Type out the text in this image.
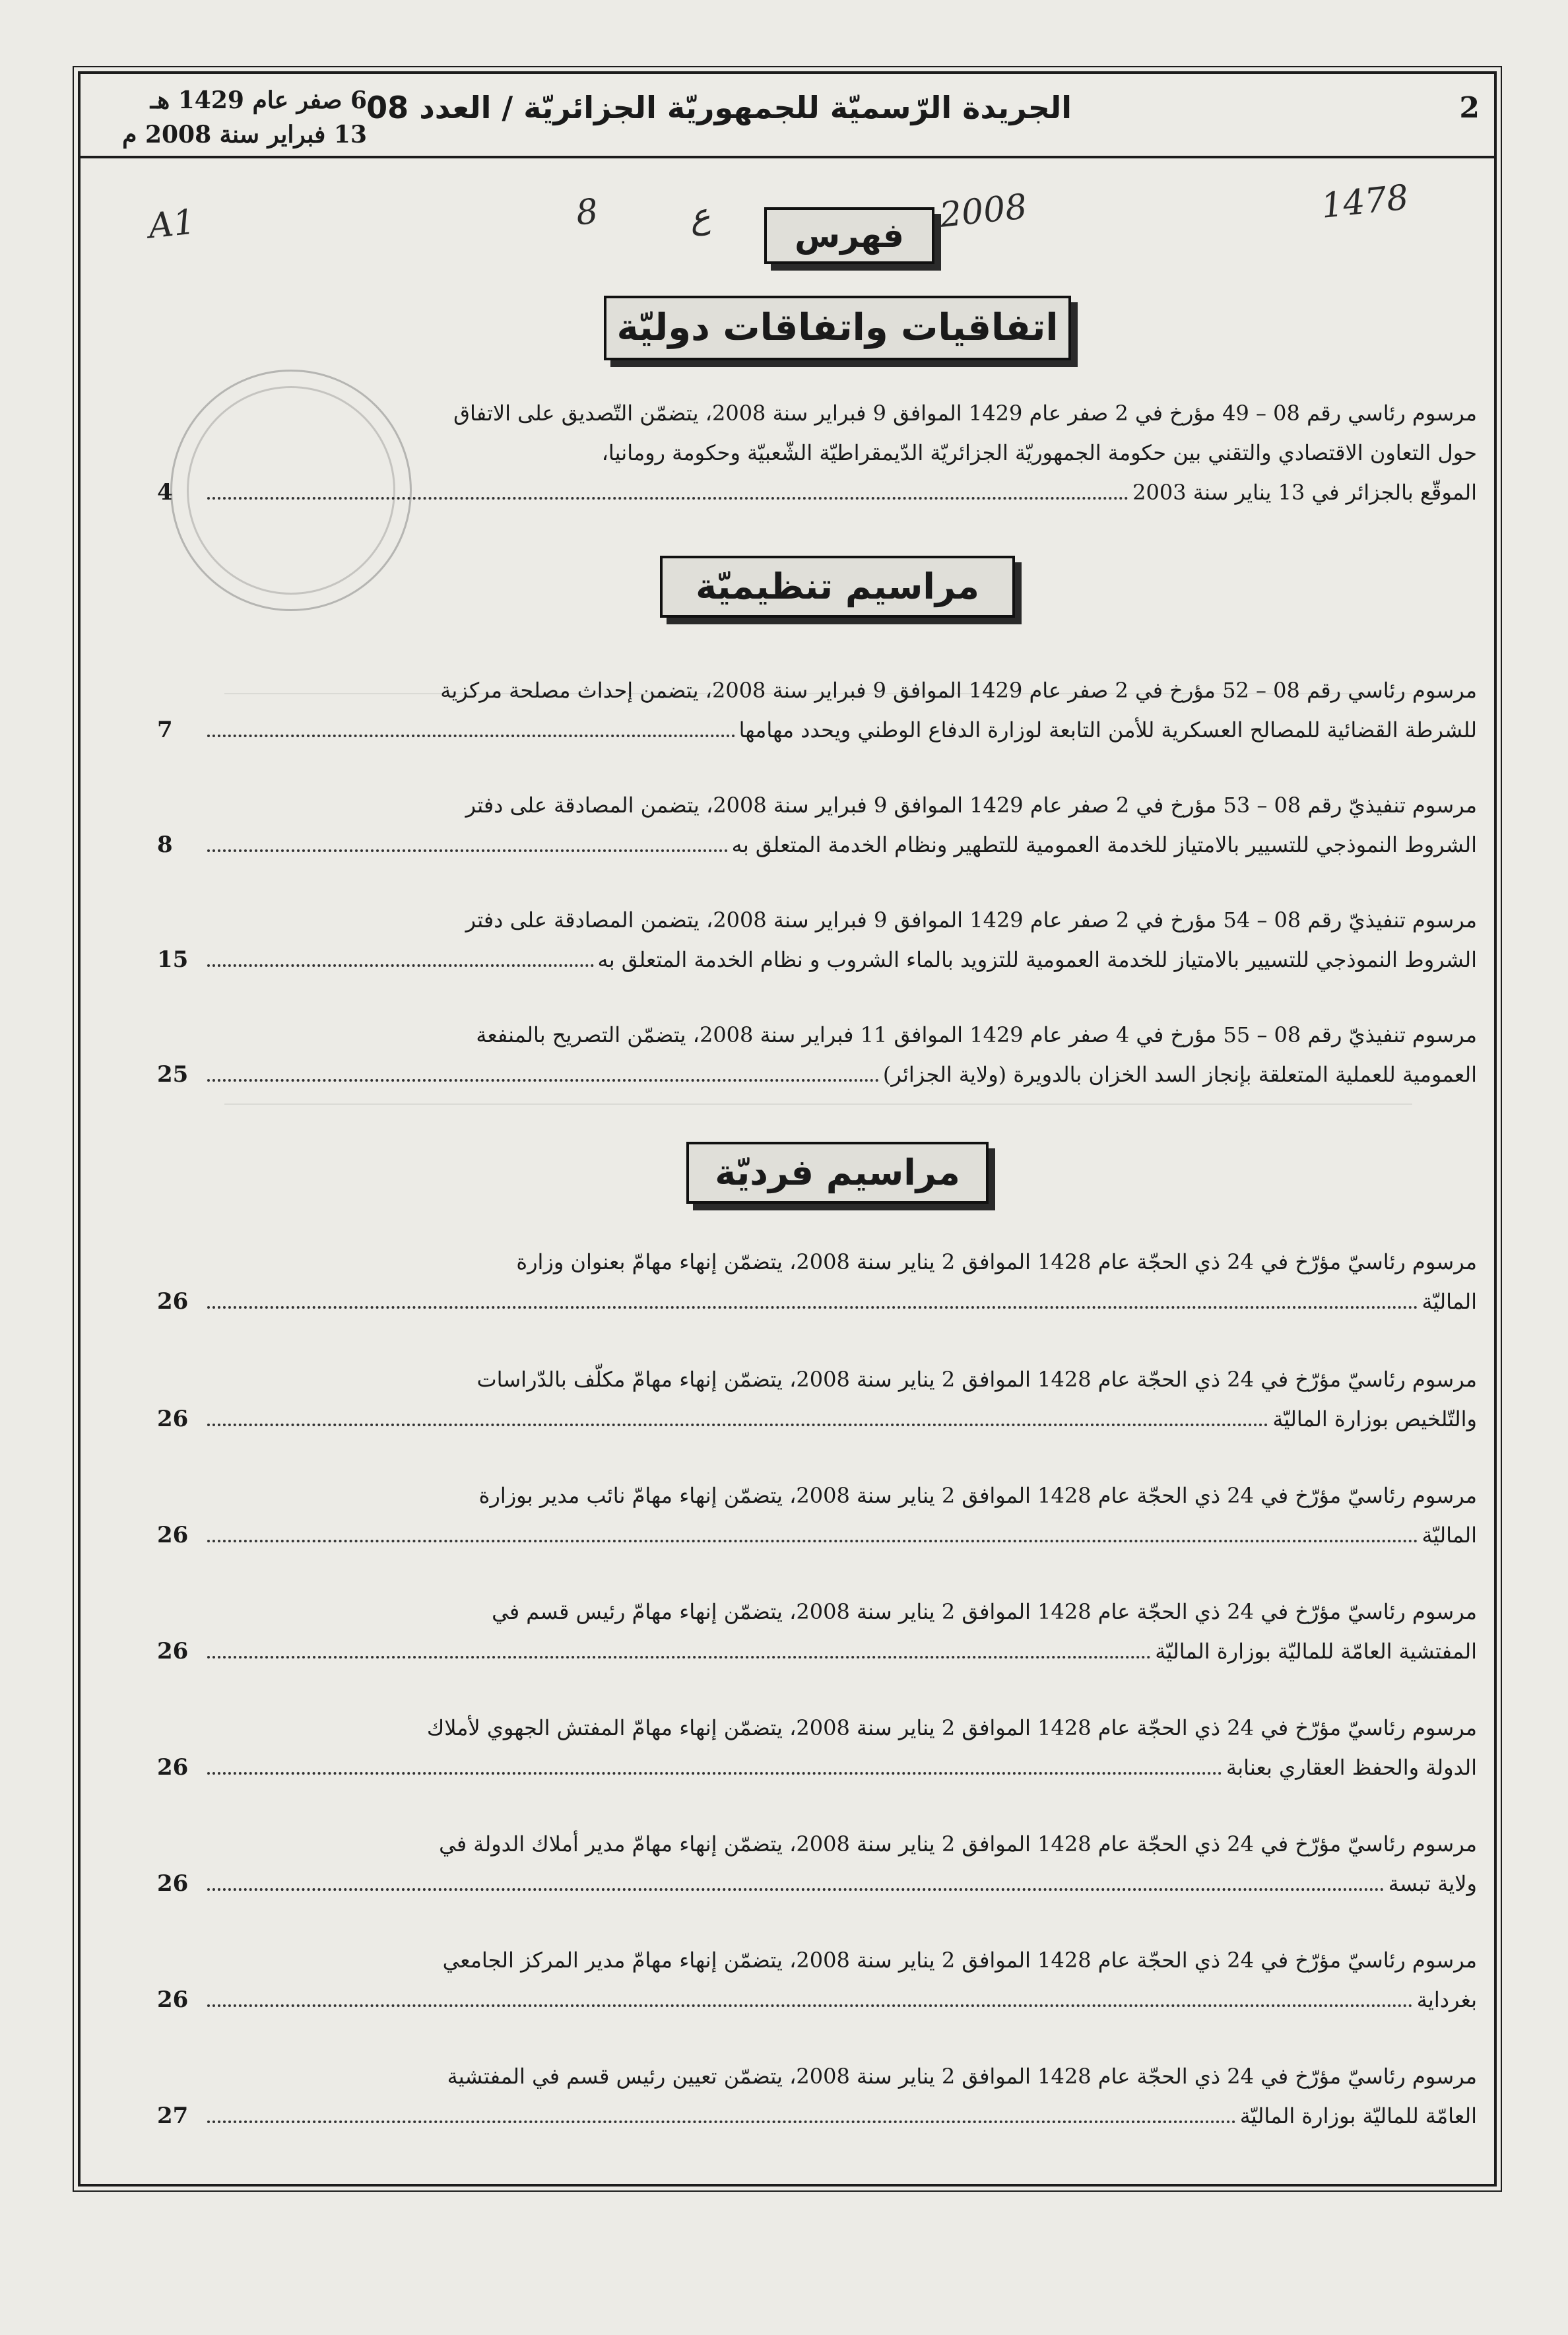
2
الجريدة الرّسميّة للجمهوريّة الجزائريّة / العدد 08
6 صفر عام 1429 هـ
13 فبراير سنة 2008 م
1478
2008
ع
8
A1	فهرس
اتفاقيات واتفاقات دوليّة
مرسوم رئاسي رقم 08 – 49 مؤرخ في 2 صفر عام 1429 الموافق 9 فبراير سنة 2008، يتضمّن التّصديق على الاتفاق
حول التعاون الاقتصادي والتقني بين حكومة الجمهوريّة الجزائريّة الدّيمقراطيّة الشّعبيّة وحكومة رومانيا،
الموقّع بالجزائر في 13 يناير سنة 2003
4
مراسيم تنظيميّة
مرسوم رئاسي رقم 08 – 52 مؤرخ في 2 صفر عام 1429 الموافق 9 فبراير سنة 2008، يتضمن إحداث مصلحة مركزية
للشرطة القضائية للمصالح العسكرية للأمن التابعة لوزارة الدفاع الوطني ويحدد مهامها
7
مرسوم تنفيذيّ رقم 08 – 53 مؤرخ في 2 صفر عام 1429 الموافق 9 فبراير سنة 2008، يتضمن المصادقة على دفتر
الشروط النموذجي للتسيير بالامتياز للخدمة العمومية للتطهير ونظام الخدمة المتعلق به
8
مرسوم تنفيذيّ رقم 08 – 54 مؤرخ في 2 صفر عام 1429 الموافق 9 فبراير سنة 2008، يتضمن المصادقة على دفتر
الشروط النموذجي للتسيير بالامتياز للخدمة العمومية للتزويد بالماء الشروب و نظام الخدمة المتعلق به
15
مرسوم تنفيذيّ رقم 08 – 55 مؤرخ في 4 صفر عام 1429 الموافق 11 فبراير سنة 2008، يتضمّن التصريح بالمنفعة
العمومية للعملية المتعلقة بإنجاز السد الخزان بالدويرة (ولاية الجزائر)
25
مراسيم فرديّة
مرسوم رئاسيّ مؤرّخ في 24 ذي الحجّة عام 1428 الموافق 2 يناير سنة 2008، يتضمّن إنهاء مهامّ بعنوان وزارة
الماليّة
26
مرسوم رئاسيّ مؤرّخ في 24 ذي الحجّة عام 1428 الموافق 2 يناير سنة 2008، يتضمّن إنهاء مهامّ مكلّف بالدّراسات
والتّلخيص بوزارة الماليّة
26
مرسوم رئاسيّ مؤرّخ في 24 ذي الحجّة عام 1428 الموافق 2 يناير سنة 2008، يتضمّن إنهاء مهامّ نائب مدير بوزارة
الماليّة
26
مرسوم رئاسيّ مؤرّخ في 24 ذي الحجّة عام 1428 الموافق 2 يناير سنة 2008، يتضمّن إنهاء مهامّ رئيس قسم في
المفتشية العامّة للماليّة بوزارة الماليّة
26
مرسوم رئاسيّ مؤرّخ في 24 ذي الحجّة عام 1428 الموافق 2 يناير سنة 2008، يتضمّن إنهاء مهامّ المفتش الجهوي لأملاك
الدولة والحفظ العقاري بعنابة
26
مرسوم رئاسيّ مؤرّخ في 24 ذي الحجّة عام 1428 الموافق 2 يناير سنة 2008، يتضمّن إنهاء مهامّ مدير أملاك الدولة في
ولاية تبسة
26
مرسوم رئاسيّ مؤرّخ في 24 ذي الحجّة عام 1428 الموافق 2 يناير سنة 2008، يتضمّن إنهاء مهامّ مدير المركز الجامعي
بغرداية
26
مرسوم رئاسيّ مؤرّخ في 24 ذي الحجّة عام 1428 الموافق 2 يناير سنة 2008، يتضمّن تعيين رئيس قسم في المفتشية
العامّة للماليّة بوزارة الماليّة
27
